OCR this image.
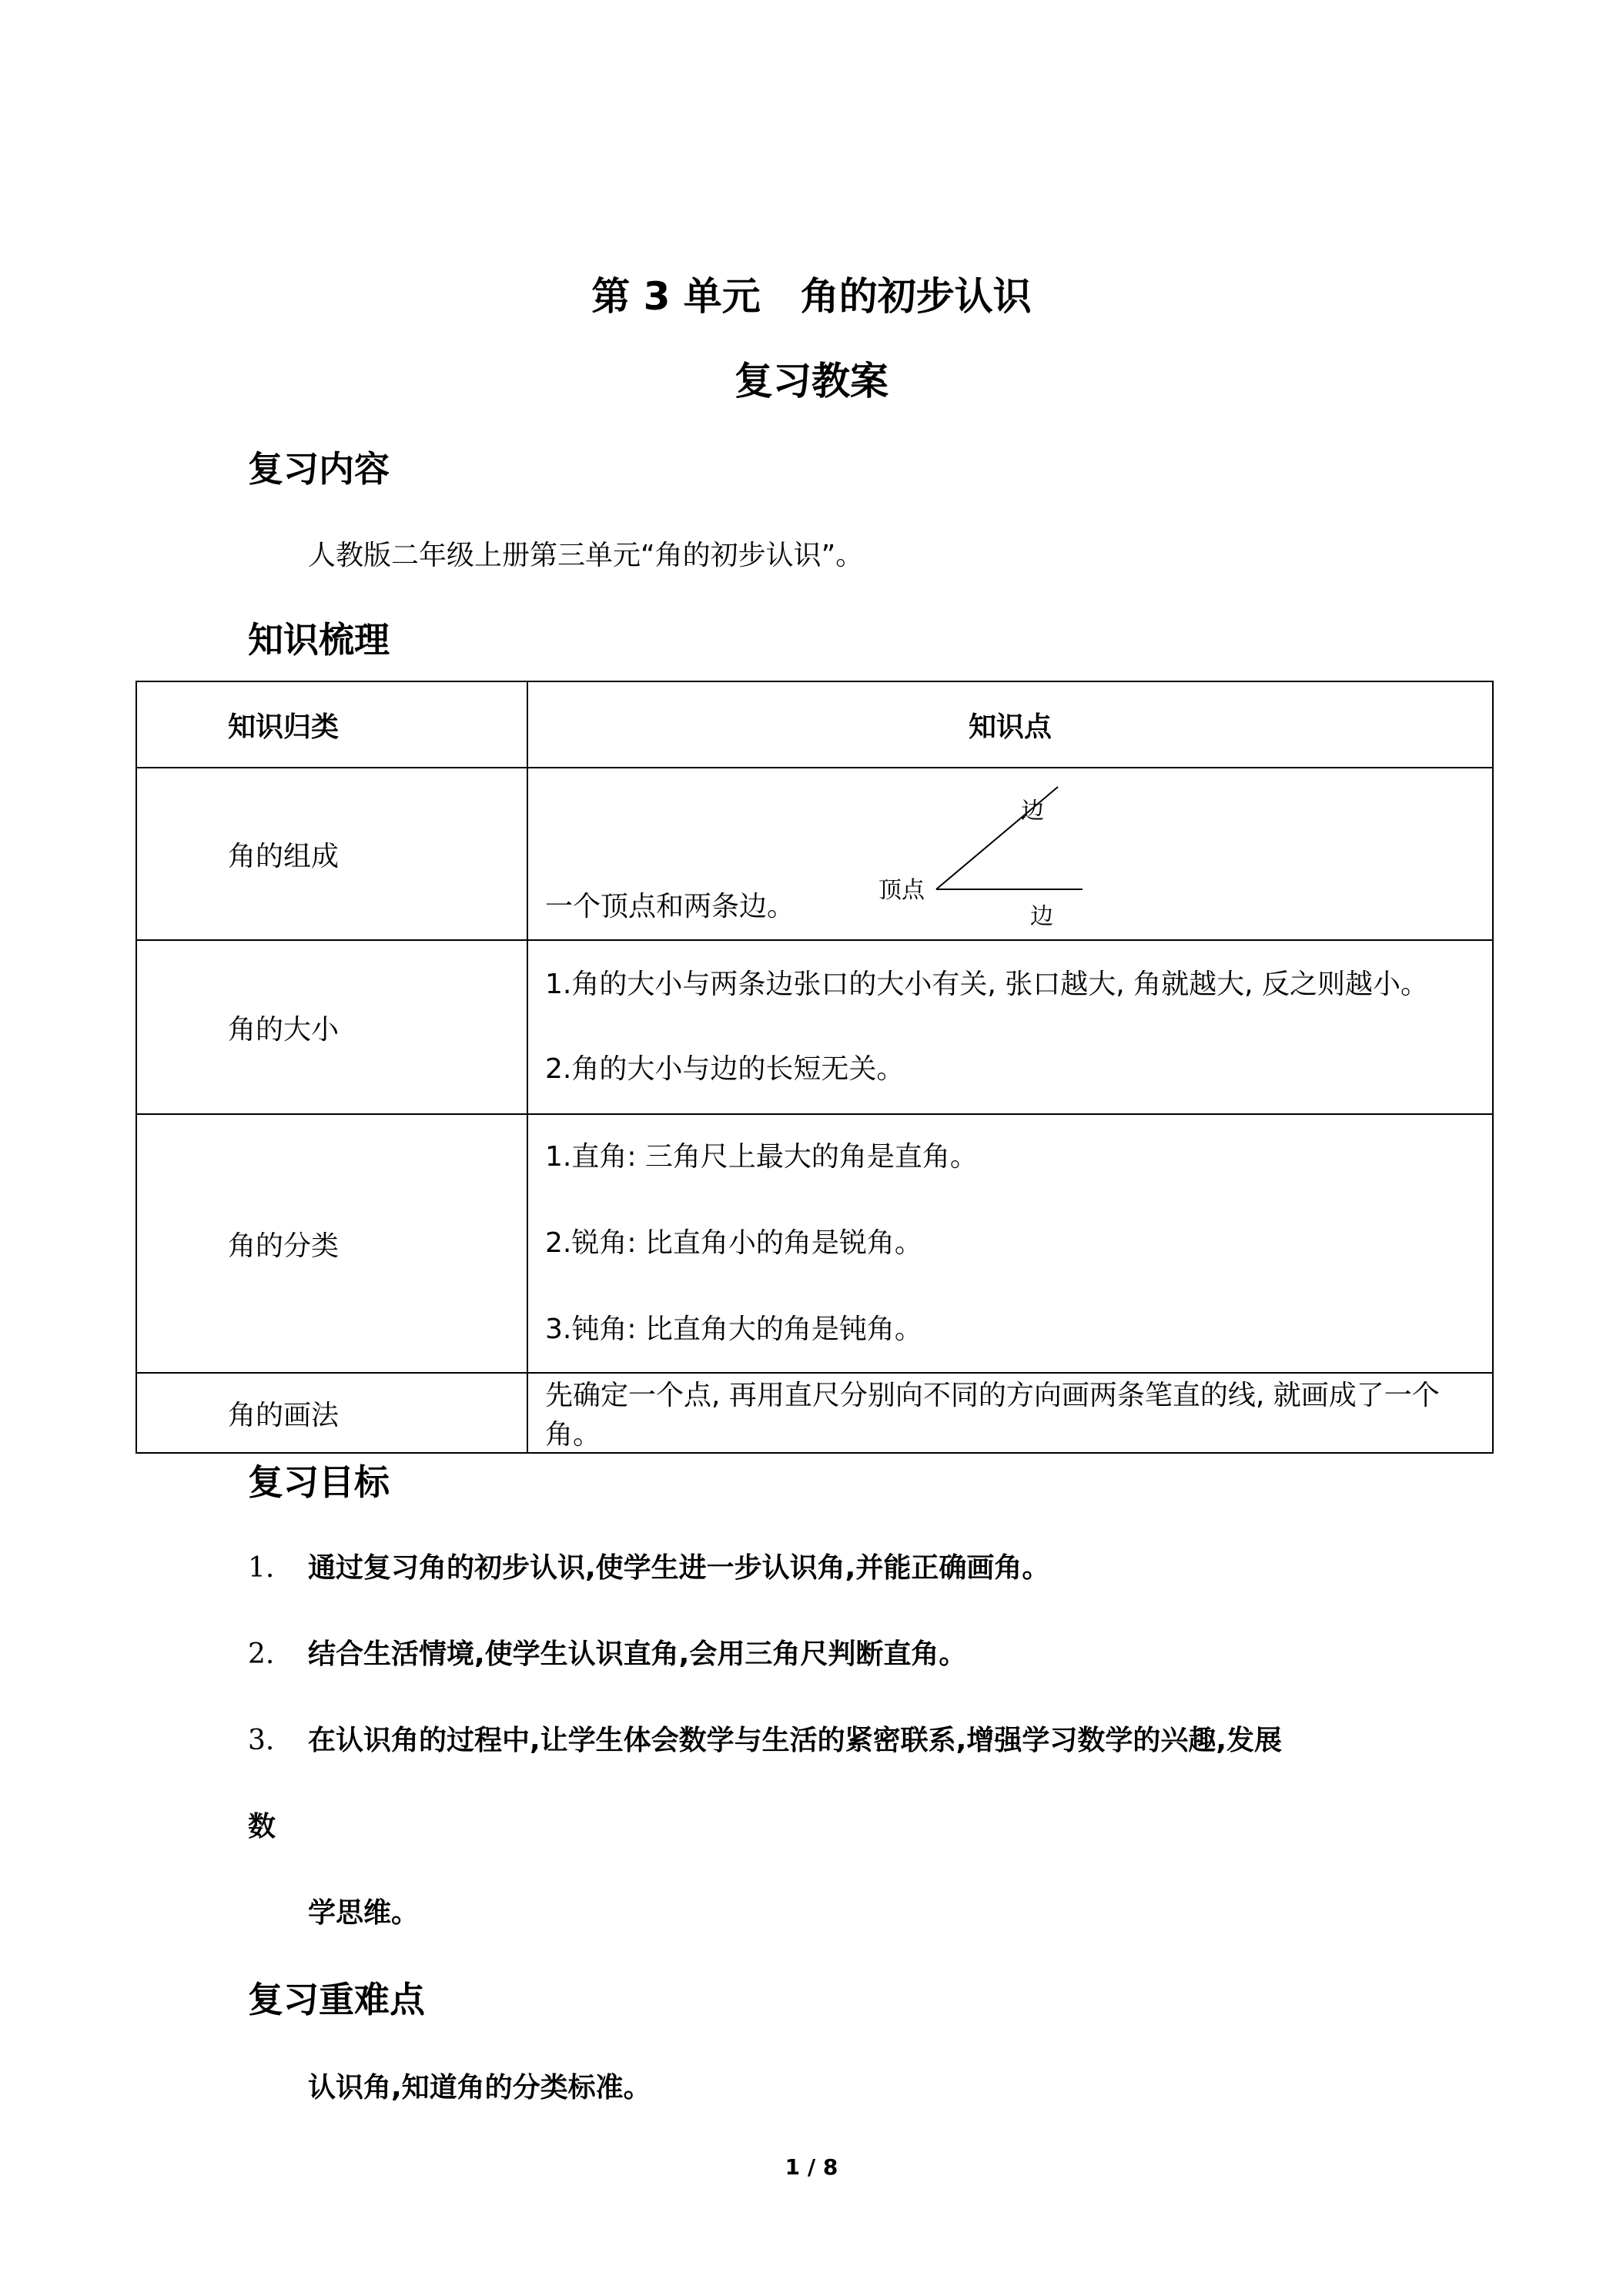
第 3 单元 角的初步认识
复习教案
复习内容
人教版二年级上册第三单元“角的初步认识”。
知识梳理
知识归类	知识点
角的组成	一个顶点和两条边。
边
顶点
边

角的大小	1.角的大小与两条边张口的大小有关, 张口越大, 角就越大, 反之则越小。
2.角的大小与边的长短无关。

角的分类	1.直角: 三角尺上最大的角是直角。
2.锐角: 比直角小的角是锐角。
3.钝角: 比直角大的角是钝角。

角的画法	先确定一个点, 再用直尺分别向不同的方向画两条笔直的线, 就画成了一个角。
复习目标
1. 通过复习角的初步认识,使学生进一步认识角,并能正确画角。
2. 结合生活情境,使学生认识直角,会用三角尺判断直角。
3. 在认识角的过程中,让学生体会数学与生活的紧密联系,增强学习数学的兴趣,发展
数
学思维。
复习重难点
认识角,知道角的分类标准。
1 / 8
